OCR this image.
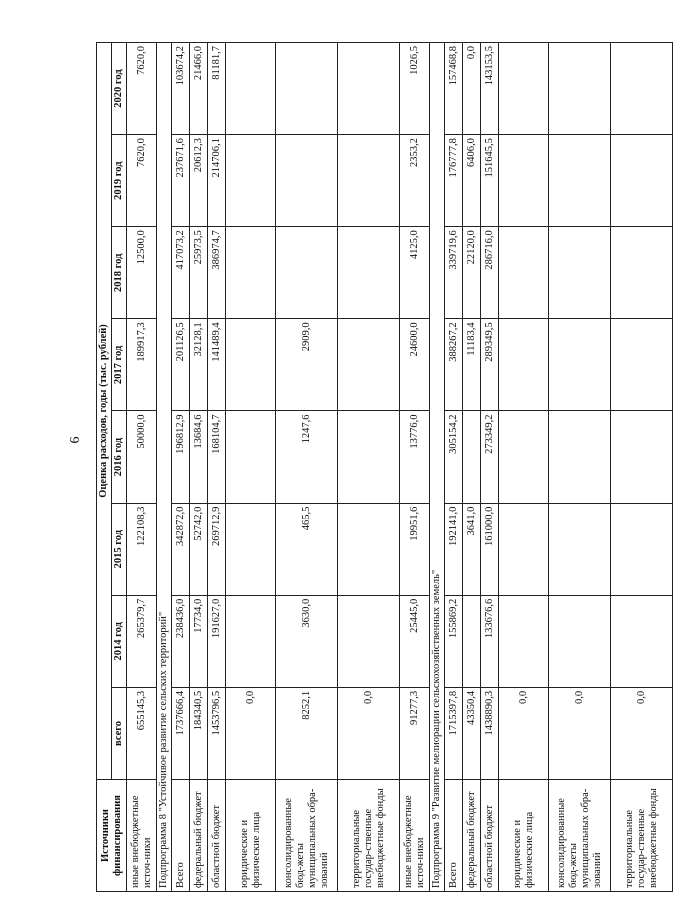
6
Источники финансирования	Оценка расходов, годы (тыс. рублей)							
	всего	2014 год	2015 год	2016 год	2017 год	2018 год	2019 год	2020 год
иные внебюджетные источ-ники	655145,3	265379,7	122108,3	50000,0	189917,3	12500,0	7620,0	7620,0
Подпрограмма 8 "Устойчивое развитие сельских территорий"								
Всего	1737666,4	238436,0	342872,0	196812,9	201126,5	417073,2	237671,6	103674,2
федеральный бюджет	184340,5	17734,0	52742,0	13684,6	32128,1	25973,5	20612,3	21466,0
областной бюджет	1453796,5	191627,0	269712,9	168104,7	141489,4	386974,7	214706,1	81181,7
юридические и физические лица	0,0							
консолидированные бюд-жеты муниципальных обра-зований	8252,1	3630,0	465,5	1247,6	2909,0			
территориальные государ-ственные внебюджетные фонды	0,0							
иные внебюджетные источ-ники	91277,3	25445,0	19951,6	13776,0	24600,0	4125,0	2353,2	1026,5
Подпрограмма 9 "Развитие мелиорации сельскохозяйственных земель"								
Всего	1715397,8	155869,2	192141,0	305154,2	388267,2	339719,6	176777,8	157468,8
федеральный бюджет	43350,4		3641,0		11183,4	22120,0	6406,0	0,0
областной бюджет	1438890,3	133676,6	161000,0	273349,2	289349,5	286716,0	151645,5	143153,5
юридические и физические лица	0,0							
консолидированные бюд-жеты муниципальных обра-зований	0,0							
территориальные государ-ственные внебюджетные фонды	0,0							
